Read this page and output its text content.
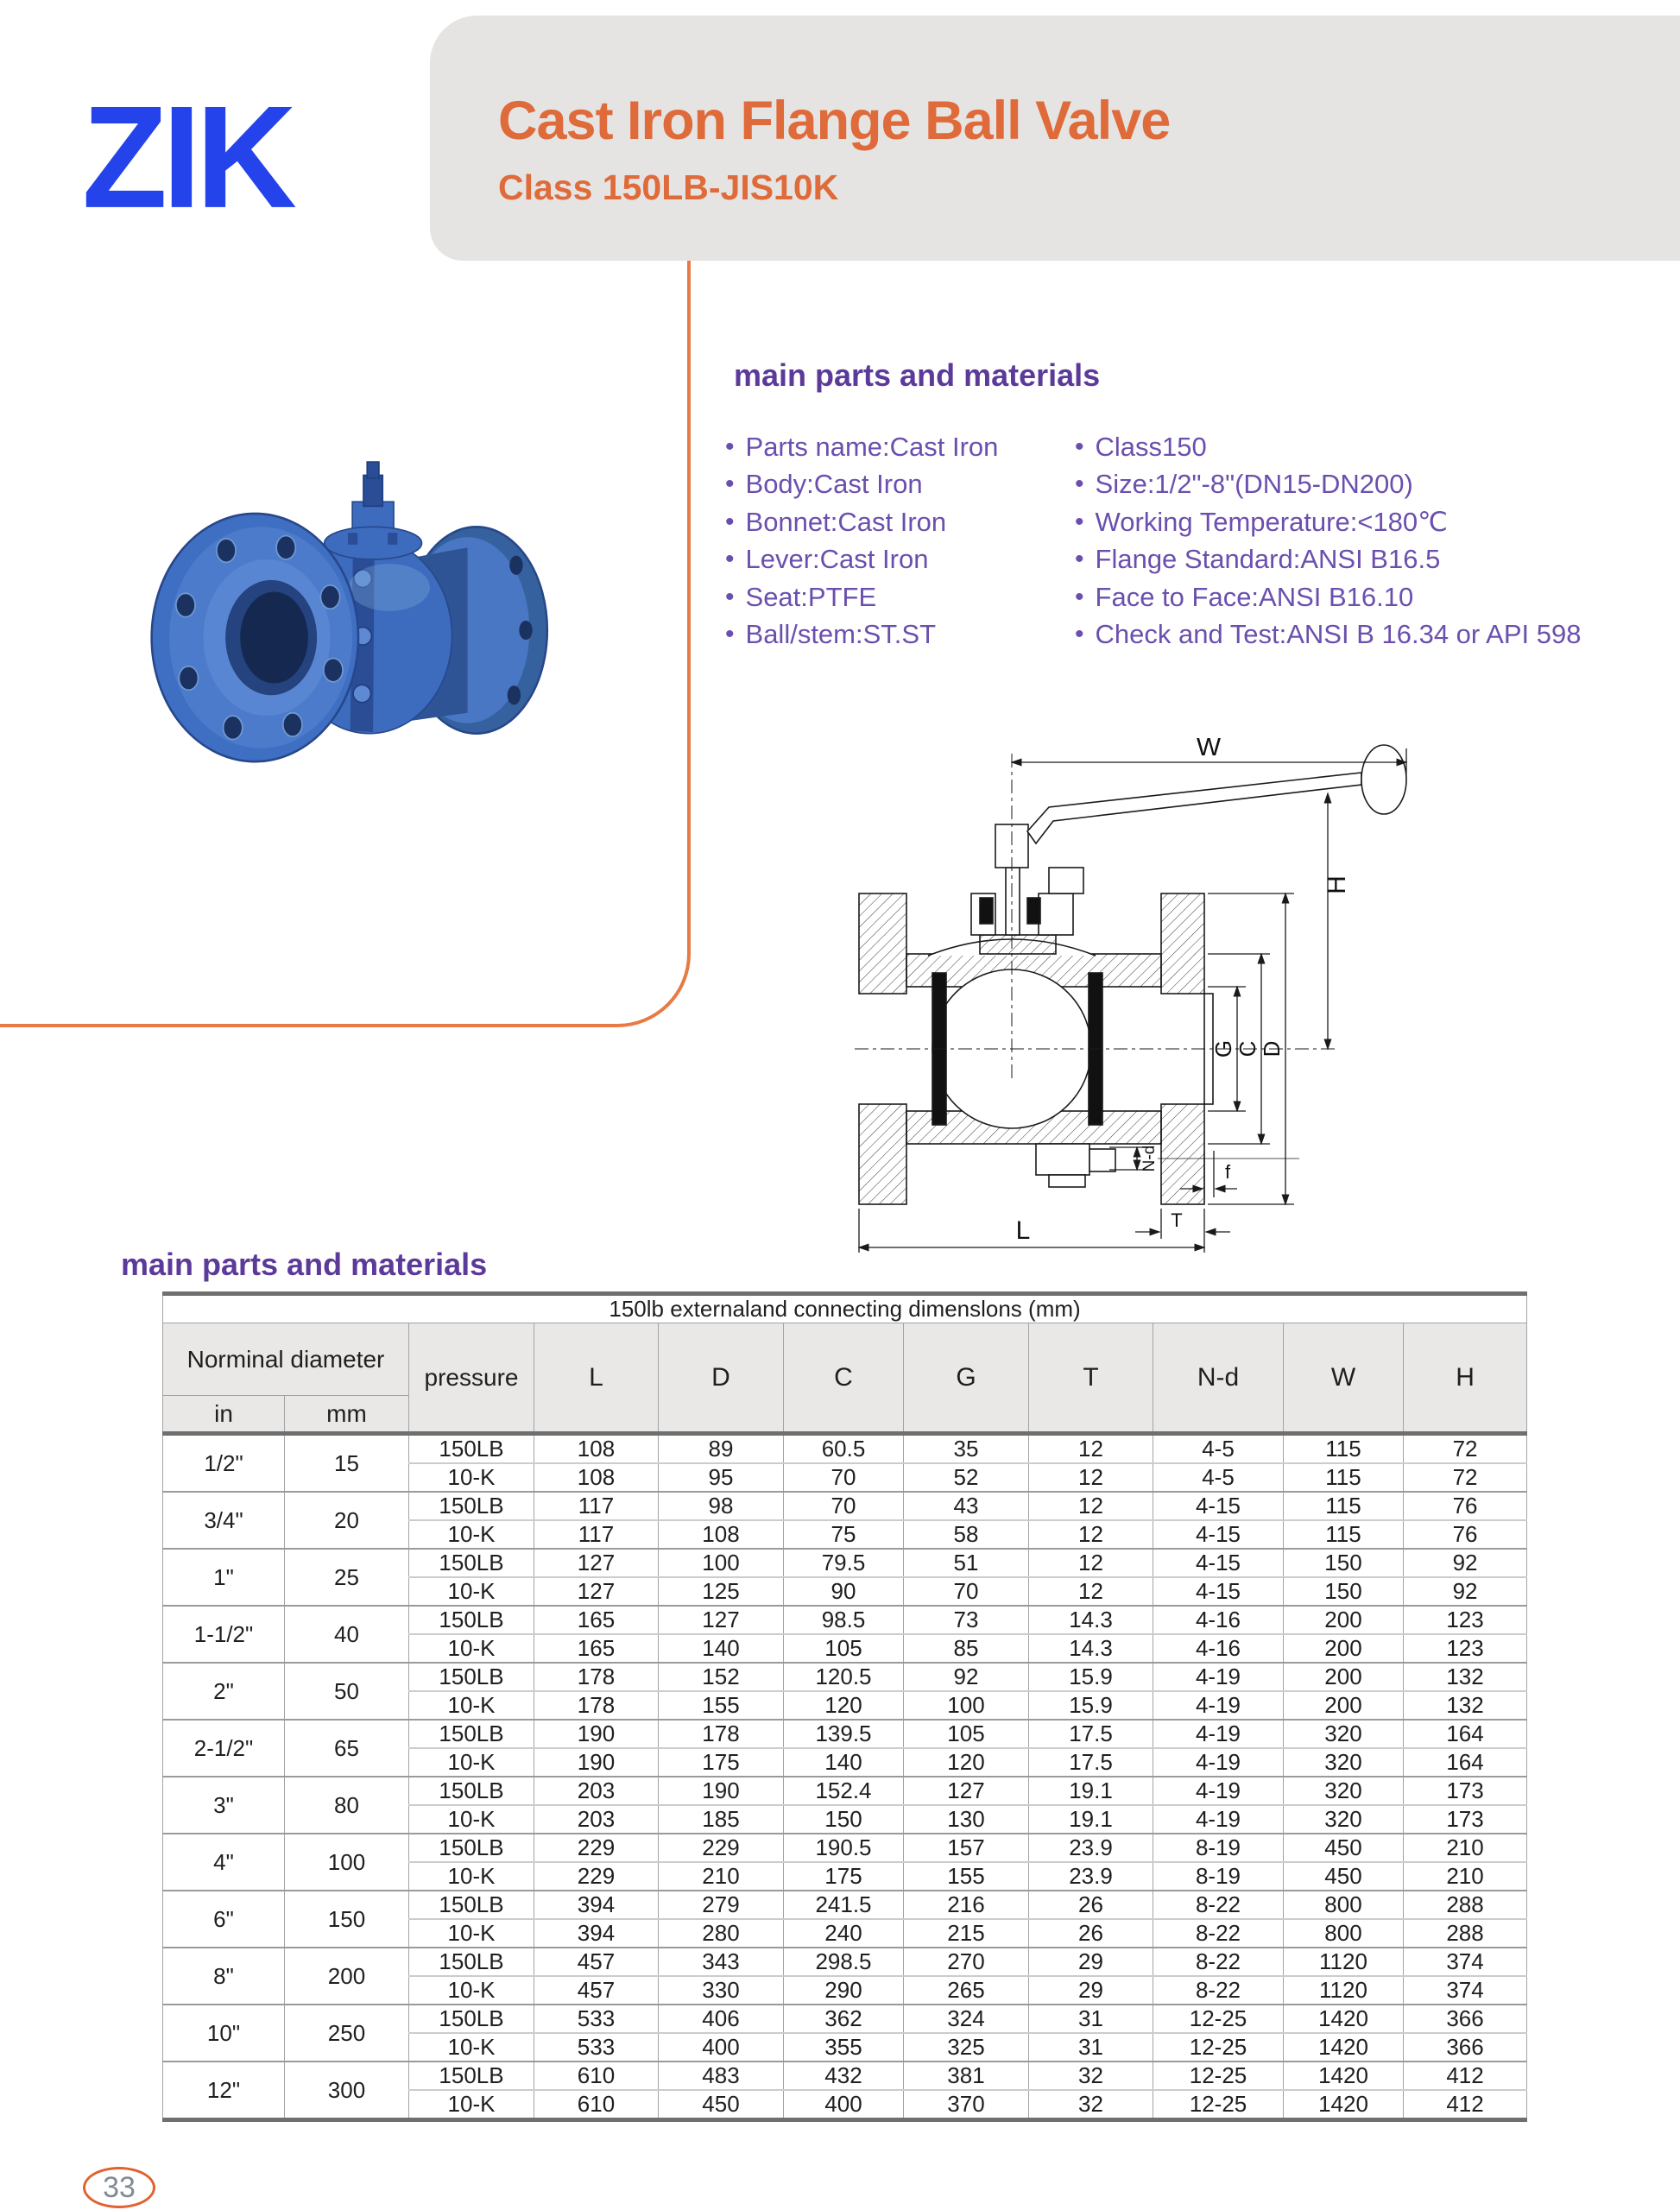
ZIK	Cast Iron Flange Ball Valve
Class 150LB-JIS10K
main parts and materials
• Parts name:Cast Iron
• Body:Cast Iron
• Bonnet:Cast Iron
• Lever:Cast Iron
• Seat:PTFE
• Ball/stem:ST.ST
• Class150
• Size:1/2"-8"(DN15-DN200)
• Working Temperature:<180℃
• Flange Standard:ANSI B16.5
• Face to Face:ANSI B16.10
• Check and Test:ANSI B 16.34 or API 598
W
H
G
C
D
N-d
f
T
L
main parts and materials
150lb externaland connecting dimenslons (mm)										
Norminal diameter		pressure	L	D	C	G	T	N-d	W	H
in	mm									
1/2"	15	150LB	108	89	60.5	35	12	4-5	115	72
		10-K	108	95	70	52	12	4-5	115	72
3/4"	20	150LB	117	98	70	43	12	4-15	115	76
		10-K	117	108	75	58	12	4-15	115	76
1"	25	150LB	127	100	79.5	51	12	4-15	150	92
		10-K	127	125	90	70	12	4-15	150	92
1-1/2"	40	150LB	165	127	98.5	73	14.3	4-16	200	123
		10-K	165	140	105	85	14.3	4-16	200	123
2"	50	150LB	178	152	120.5	92	15.9	4-19	200	132
		10-K	178	155	120	100	15.9	4-19	200	132
2-1/2"	65	150LB	190	178	139.5	105	17.5	4-19	320	164
		10-K	190	175	140	120	17.5	4-19	320	164
3"	80	150LB	203	190	152.4	127	19.1	4-19	320	173
		10-K	203	185	150	130	19.1	4-19	320	173
4"	100	150LB	229	229	190.5	157	23.9	8-19	450	210
		10-K	229	210	175	155	23.9	8-19	450	210
6"	150	150LB	394	279	241.5	216	26	8-22	800	288
		10-K	394	280	240	215	26	8-22	800	288
8"	200	150LB	457	343	298.5	270	29	8-22	1120	374
		10-K	457	330	290	265	29	8-22	1120	374
10"	250	150LB	533	406	362	324	31	12-25	1420	366
		10-K	533	400	355	325	31	12-25	1420	366
12"	300	150LB	610	483	432	381	32	12-25	1420	412
		10-K	610	450	400	370	32	12-25	1420	412
33
